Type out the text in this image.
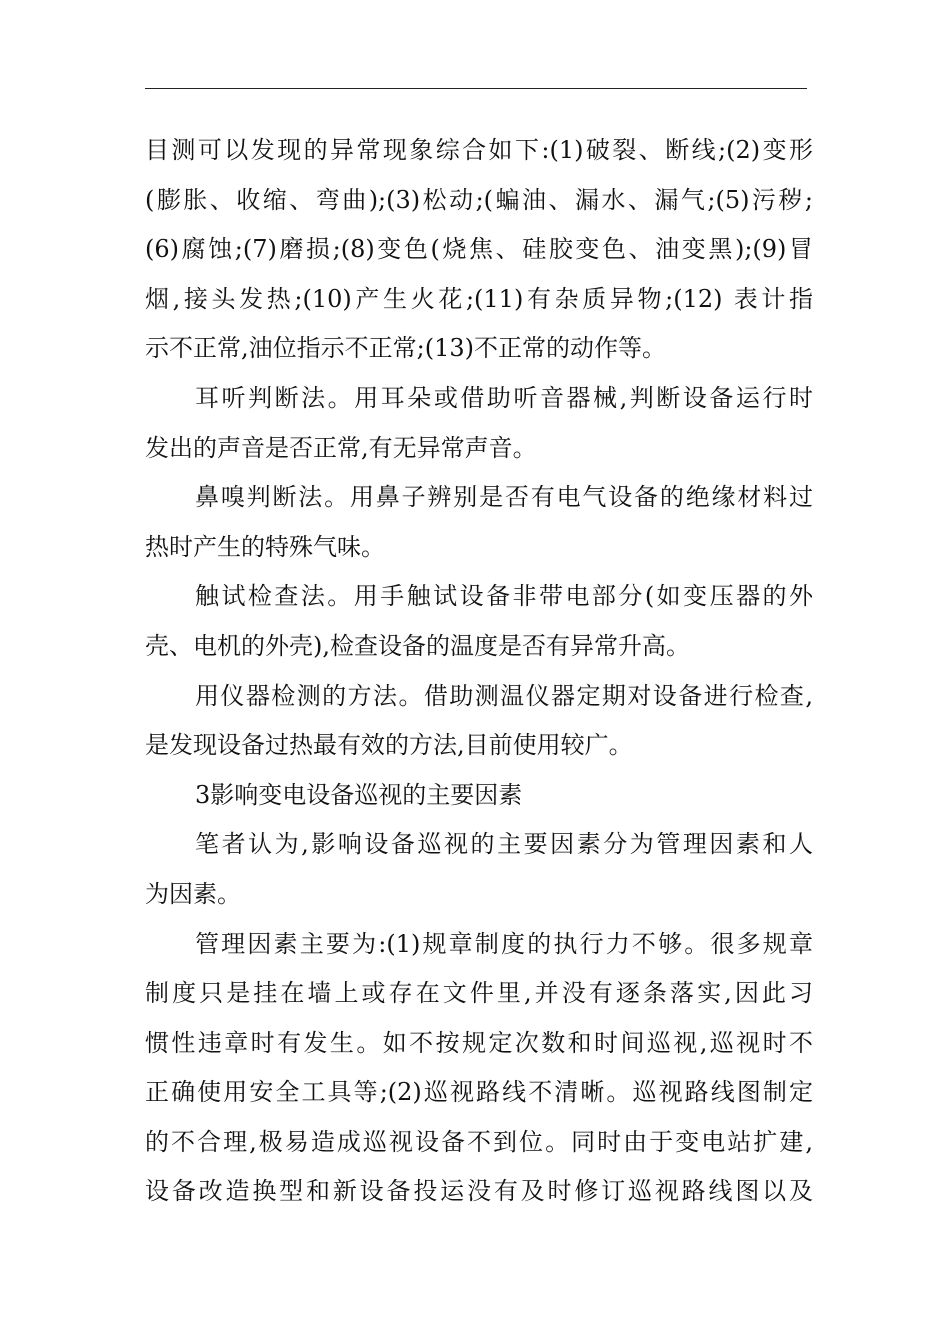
目测可以发现的异常现象综合如下:(1)破裂、断线;(2)变形
(膨胀、收缩、弯曲);(3)松动;(蝙油、漏水、漏气;(5)污秽;
(6)腐蚀;(7)磨损;(8)变色(烧焦、硅胶变色、油变黑);(9)冒
烟,接头发热;(10)产生火花;(11)有杂质异物;(12) 表计指
示不正常,油位指示不正常;(13)不正常的动作等。
耳听判断法。用耳朵或借助听音器械,判断设备运行时
发出的声音是否正常,有无异常声音。
鼻嗅判断法。用鼻子辨别是否有电气设备的绝缘材料过
热时产生的特殊气味。
触试检查法。用手触试设备非带电部分(如变压器的外
壳、电机的外壳),检查设备的温度是否有异常升高。
用仪器检测的方法。借助测温仪器定期对设备进行检查,
是发现设备过热最有效的方法,目前使用较广。
3影响变电设备巡视的主要因素
笔者认为,影响设备巡视的主要因素分为管理因素和人
为因素。
管理因素主要为:(1)规章制度的执行力不够。很多规章
制度只是挂在墙上或存在文件里,并没有逐条落实,因此习
惯性违章时有发生。如不按规定次数和时间巡视,巡视时不
正确使用安全工具等;(2)巡视路线不清晰。巡视路线图制定
的不合理,极易造成巡视设备不到位。同时由于变电站扩建,
设备改造换型和新设备投运没有及时修订巡视路线图以及
